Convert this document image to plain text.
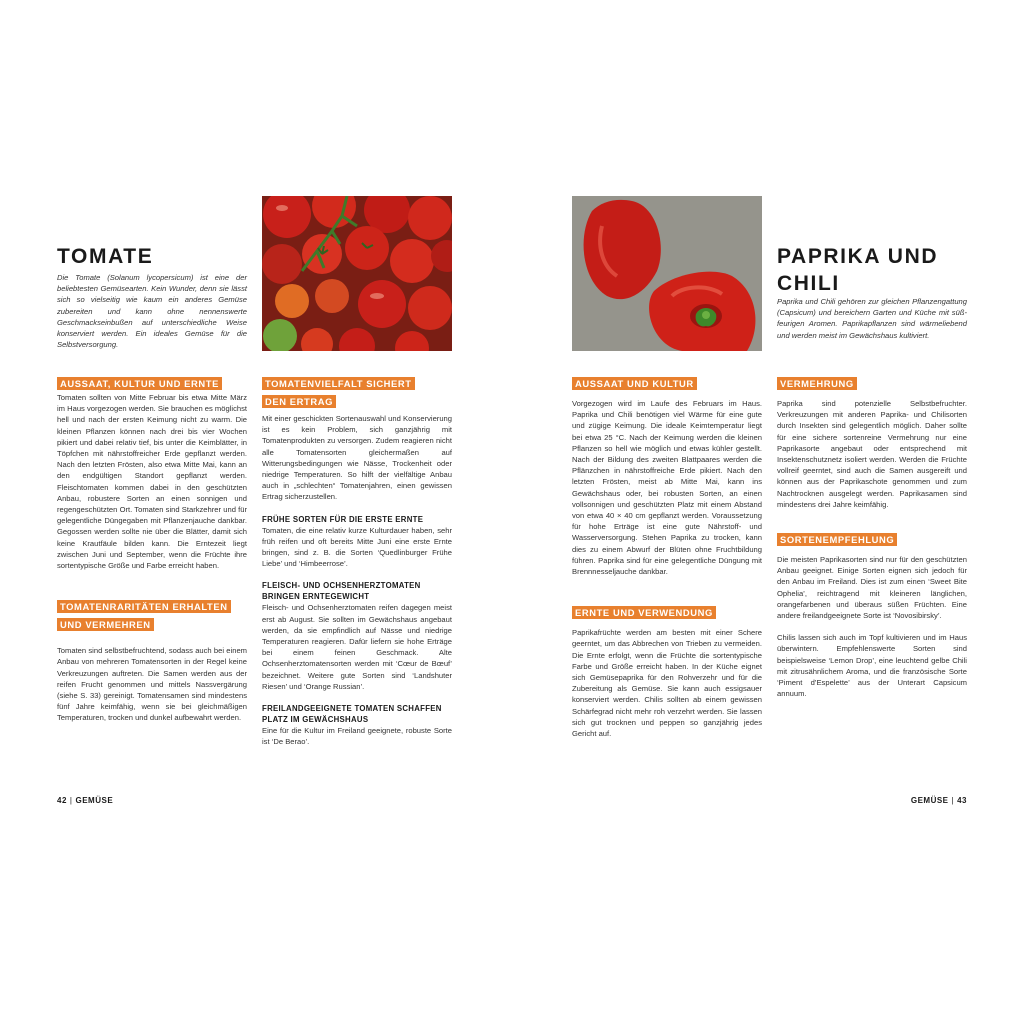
TOMATE

Die Tomate (Solanum lycopersicum) ist eine der beliebtesten Gemüsearten. Kein Wunder, denn sie lässt sich so vielseitig wie kaum ein anderes Gemüse zubereiten und kann ohne nennenswerte Geschmackseinbußen auf unterschiedliche Weise konserviert werden. Ein ideales Gemüse für die Selbstversorgung.

AUSSAAT, KULTUR UND ERNTE

Tomaten sollten von Mitte Februar bis etwa Mitte März im Haus vorgezogen werden. Sie brauchen es möglichst hell und nach der ersten Keimung nicht zu warm. Die kleinen Pflanzen können nach drei bis vier Wochen pikiert und dabei relativ tief, bis unter die Keimblätter, in Töpfchen mit nährstoffreicher Erde gepflanzt werden. Nach den letzten Frösten, also etwa Mitte Mai, kann an den endgültigen Standort gepflanzt werden. Fleischtomaten kommen dabei in den geschützten Anbau, robustere Sorten an einen sonnigen und regengeschützten Ort. Tomaten sind Starkzehrer und für gelegentliche Düngegaben mit Pflanzenjauche dankbar. Gegossen werden sollte nie über die Blätter, damit sich keine Krautfäule bilden kann. Die Erntezeit liegt zwischen Juni und September, wenn die Früchte ihre sortentypische Größe und Farbe erreicht haben.

TOMATENRARITÄTEN ERHALTEN UND VERMEHREN

Tomaten sind selbstbefruchtend, sodass auch bei einem Anbau von mehreren Tomatensorten in der Regel keine Verkreuzungen auftreten. Die Samen werden aus der reifen Frucht genommen und mittels Nassvergärung (siehe S. 33) gereinigt. Tomatensamen sind mindestens fünf Jahre keimfähig, wenn sie bei gleichmäßigen Temperaturen, trocken und dunkel aufbewahrt werden.

TOMATENVIELFALT SICHERT DEN ERTRAG

Mit einer geschickten Sortenauswahl und Konservierung ist es kein Problem, sich ganzjährig mit Tomatenprodukten zu versorgen. Zudem reagieren nicht alle Tomatensorten gleichermaßen auf Witterungsbedingungen wie Nässe, Trockenheit oder niedrige Temperaturen. So hilft der vielfältige Anbau auch in „schlechten“ Tomatenjahren, einen gewissen Ertrag sicherzustellen.

FRÜHE SORTEN FÜR DIE ERSTE ERNTE

Tomaten, die eine relativ kurze Kulturdauer haben, sehr früh reifen und oft bereits Mitte Juni eine erste Ernte bringen, sind z. B. die Sorten ‘Quedlinburger Frühe Liebe’ und ‘Himbeerrose’.

FLEISCH- UND OCHSENHERZTOMATEN BRINGEN ERNTEGEWICHT

Fleisch- und Ochsenherztomaten reifen dagegen meist erst ab August. Sie sollten im Gewächshaus angebaut werden, da sie empfindlich auf Nässe und niedrige Temperaturen reagieren. Dafür liefern sie hohe Erträge bei einem feinen Geschmack. Alte Ochsenherztomatensorten werden mit ‘Cœur de Bœuf’ bezeichnet. Weitere gute Sorten sind ‘Landshuter Riesen’ und ‘Orange Russian’.

FREILANDGEEIGNETE TOMATEN SCHAFFEN PLATZ IM GEWÄCHSHAUS

Eine für die Kultur im Freiland geeignete, robuste Sorte ist ‘De Berao’.

42 | GEMÜSE
PAPRIKA UND CHILI

Paprika und Chili gehören zur gleichen Pflanzengattung (Capsicum) und bereichern Garten und Küche mit süß-feurigen Aromen. Paprikapflanzen sind wärmeliebend und werden meist im Gewächshaus kultiviert.

AUSSAAT UND KULTUR

Vorgezogen wird im Laufe des Februars im Haus. Paprika und Chili benötigen viel Wärme für eine gute und zügige Keimung. Die ideale Keimtemperatur liegt bei etwa 25 °C. Nach der Keimung werden die kleinen Pflanzen so hell wie möglich und etwas kühler gestellt. Nach der Bildung des zweiten Blattpaares werden die Pflänzchen in nährstoffreiche Erde pikiert. Nach den letzten Frösten, meist ab Mitte Mai, kann ins Gewächshaus oder, bei robusten Sorten, an einen vollsonnigen und geschützten Platz mit einem Abstand von etwa 40 × 40 cm gepflanzt werden. Voraussetzung für hohe Erträge ist eine gute Nährstoff- und Wasserversorgung. Stehen Paprika zu trocken, kann dies zu einem Abwurf der Blüten ohne Fruchtbildung führen. Paprika sind für eine gelegentliche Düngung mit Brennnesseljauche dankbar.

ERNTE UND VERWENDUNG

Paprikafrüchte werden am besten mit einer Schere geerntet, um das Abbrechen von Trieben zu vermeiden. Die Ernte erfolgt, wenn die Früchte die sortentypische Farbe und Größe erreicht haben. In der Küche eignet sich Gemüsepaprika für den Rohverzehr und für die Zubereitung als Gemüse. Sie kann auch essigsauer konserviert werden. Chilis sollten ab einem gewissen Schärfegrad nicht mehr roh verzehrt werden. Sie lassen sich gut trocknen und peppen so ganzjährig jedes Gericht auf.

VERMEHRUNG

Paprika sind potenzielle Selbstbefruchter. Verkreuzungen mit anderen Paprika- und Chilisorten durch Insekten sind gelegentlich möglich. Daher sollte für eine sichere sortenreine Vermehrung nur eine Paprikasorte angebaut oder entsprechend mit Insektenschutznetz isoliert werden. Werden die Früchte vollreif geerntet, sind auch die Samen ausgereift und können aus der Paprikaschote genommen und zum Nachtrocknen ausgelegt werden. Paprikasamen sind mindestens drei Jahre keimfähig.

SORTENEMPFEHLUNG

Die meisten Paprikasorten sind nur für den geschützten Anbau geeignet. Einige Sorten eignen sich jedoch für den Anbau im Freiland. Dies ist zum einen ‘Sweet Bite Ophelia’, reichtragend mit kleineren länglichen, orangefarbenen und überaus süßen Früchten. Eine andere freilandgeeignete Sorte ist ‘Novosibirsky’.

Chilis lassen sich auch im Topf kultivieren und im Haus überwintern. Empfehlenswerte Sorten sind beispielsweise ‘Lemon Drop’, eine leuchtend gelbe Chili mit zitrusähnlichem Aroma, und die französische Sorte ‘Piment d’Espelette’ aus der Unterart Capsicum annuum.

GEMÜSE | 43
